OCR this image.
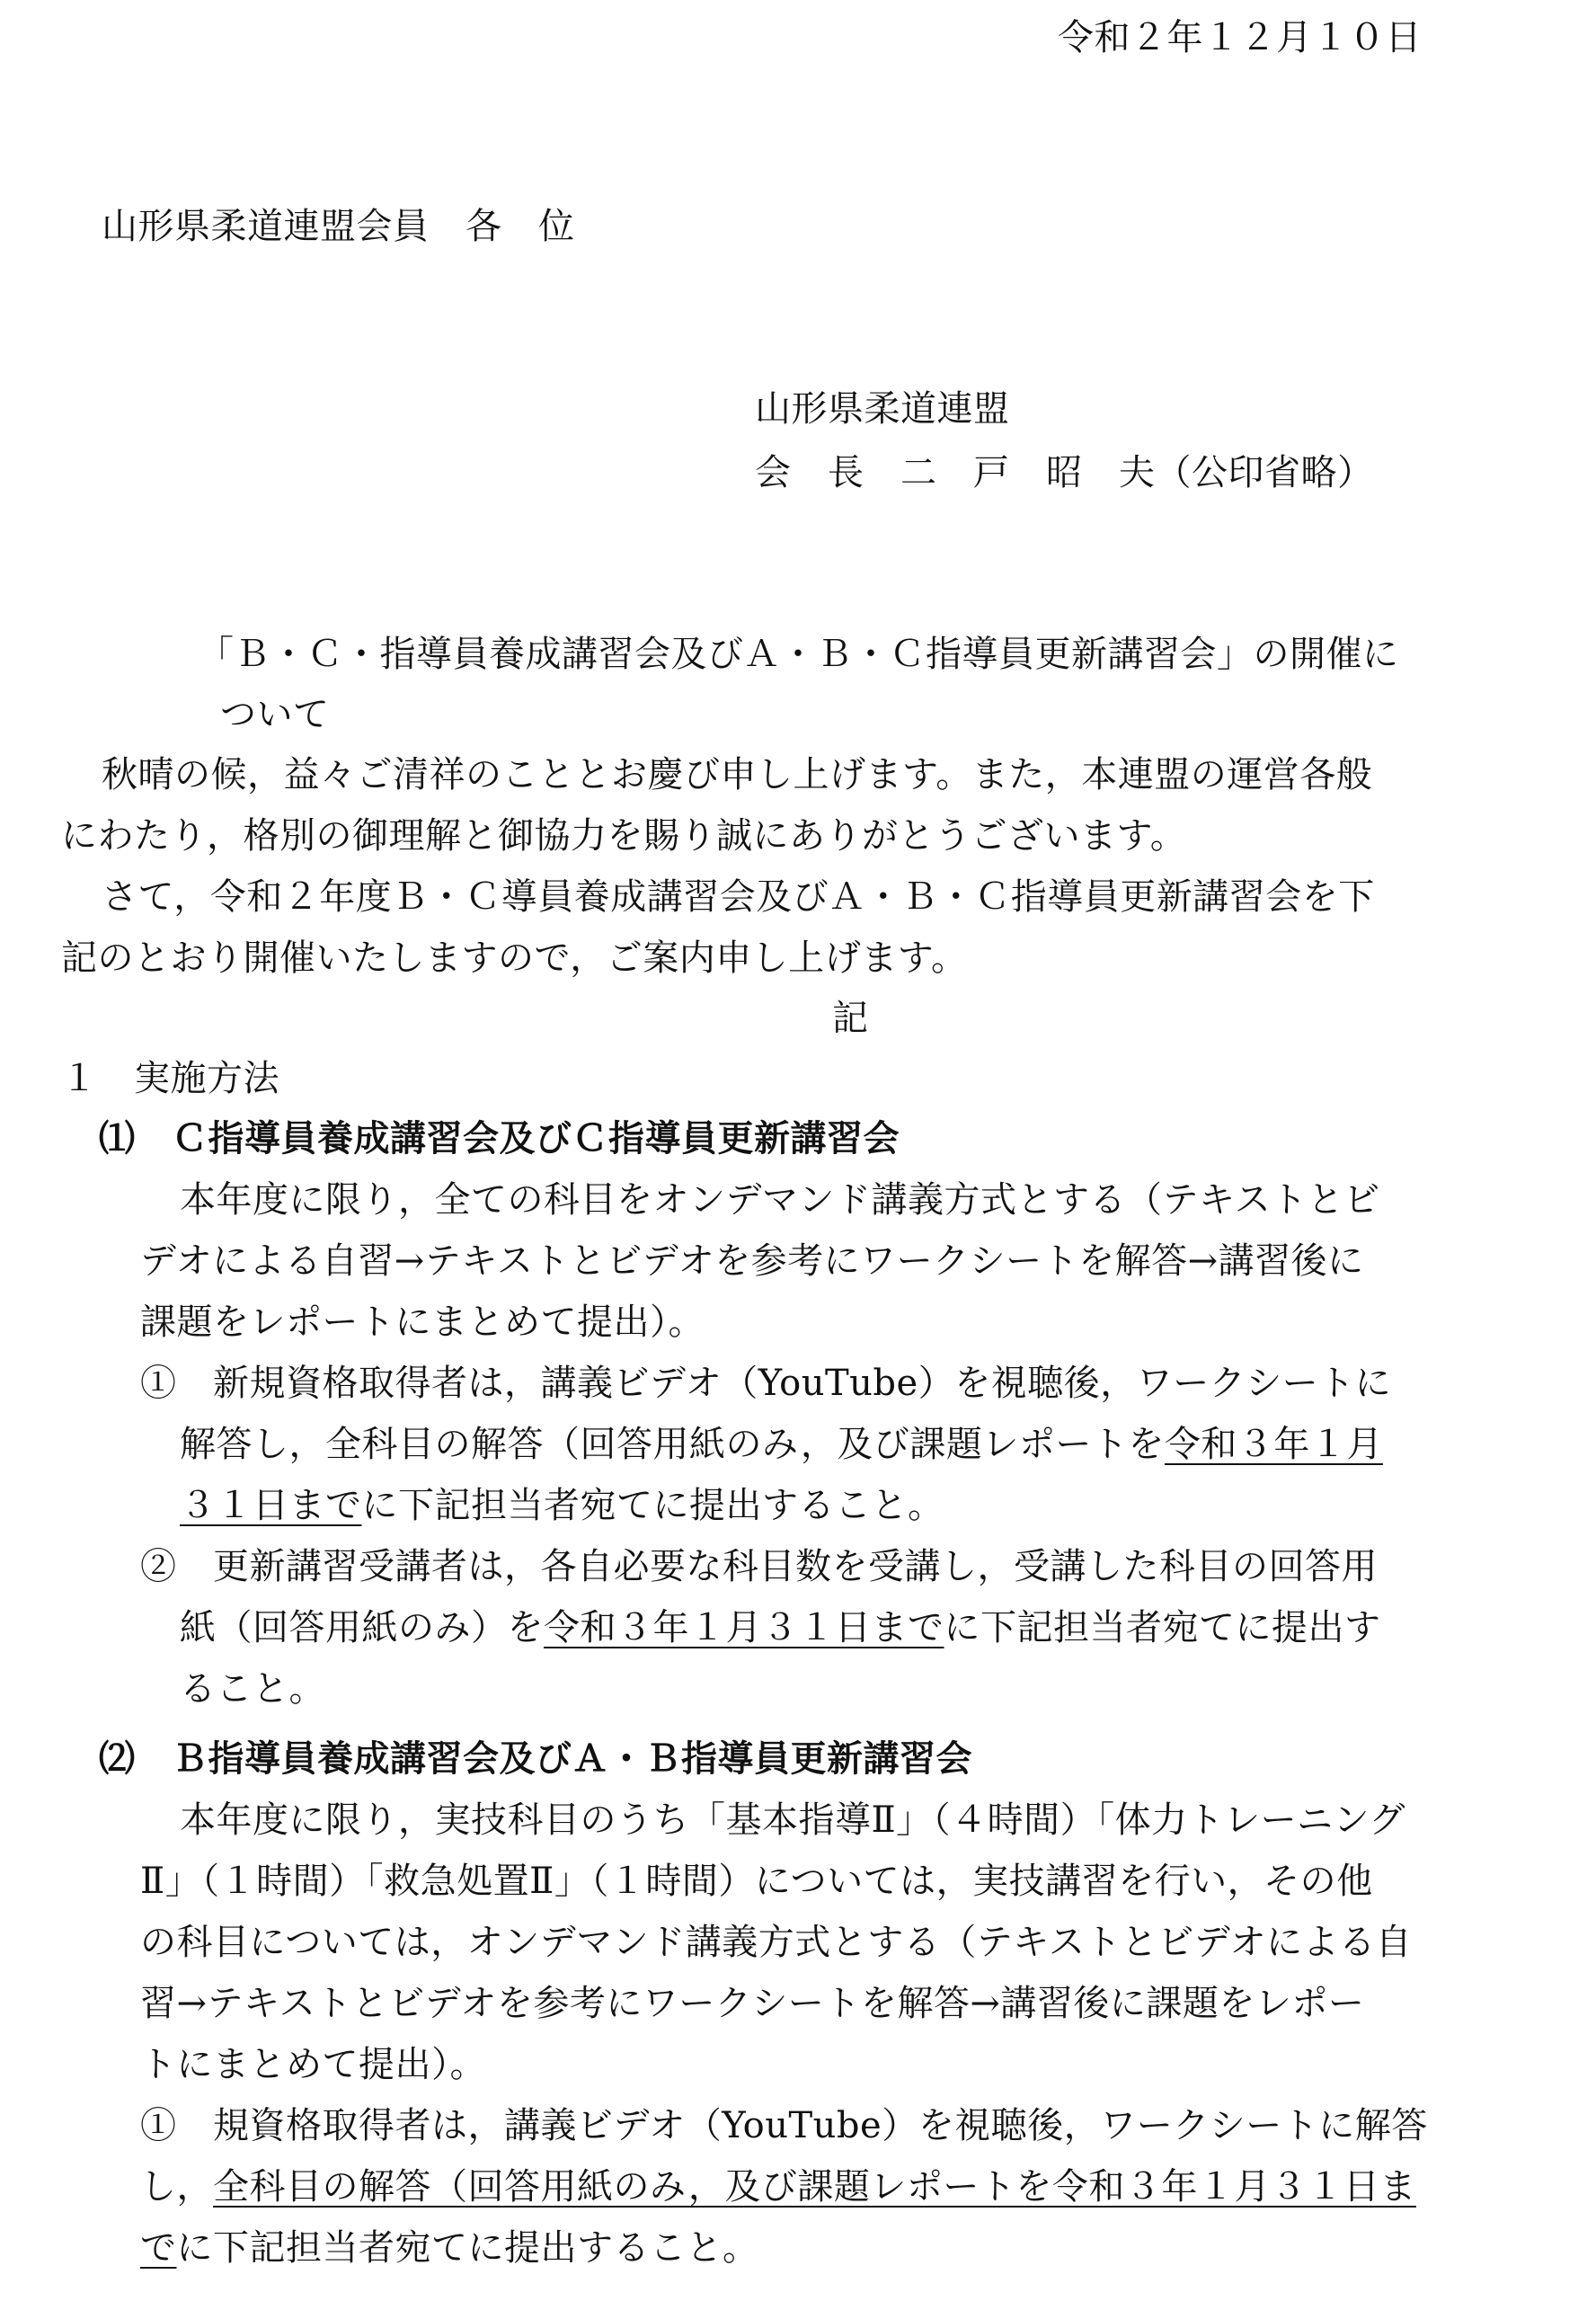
令和２年１２月１０日
山形県柔道連盟会員　各　位
山形県柔道連盟
会　長　二　戸　昭　夫（公印省略）
「Ｂ・Ｃ・指導員養成講習会及びＡ・Ｂ・Ｃ指導員更新講習会」の開催に
ついて
秋晴の候，益々ご清祥のこととお慶び申し上げます。また，本連盟の運営各般
にわたり，格別の御理解と御協力を賜り誠にありがとうございます。
さて，令和２年度Ｂ・Ｃ導員養成講習会及びＡ・Ｂ・Ｃ指導員更新講習会を下
記のとおり開催いたしますので，ご案内申し上げます。
記
１　実施方法
⑴　Ｃ指導員養成講習会及びＣ指導員更新講習会
本年度に限り，全ての科目をオンデマンド講義方式とする（テキストとビ
デオによる自習→テキストとビデオを参考にワークシートを解答→講習後に
課題をレポートにまとめて提出）。
①　新規資格取得者は，講義ビデオ（YouTube）を視聴後，ワークシートに
解答し，全科目の解答（回答用紙のみ，及び課題レポートを令和３年１月
３１日までに下記担当者宛てに提出すること。
②　更新講習受講者は，各自必要な科目数を受講し，受講した科目の回答用
紙（回答用紙のみ）を令和３年１月３１日までに下記担当者宛てに提出す
ること。
⑵　Ｂ指導員養成講習会及びＡ・Ｂ指導員更新講習会
本年度に限り，実技科目のうち「基本指導Ⅱ」（４時間）「体力トレーニング
Ⅱ」（１時間）「救急処置Ⅱ」（１時間）については，実技講習を行い，その他
の科目については，オンデマンド講義方式とする（テキストとビデオによる自
習→テキストとビデオを参考にワークシートを解答→講習後に課題をレポー
トにまとめて提出）。
①　規資格取得者は，講義ビデオ（YouTube）を視聴後，ワークシートに解答
し，全科目の解答（回答用紙のみ，及び課題レポートを令和３年１月３１日ま
でに下記担当者宛てに提出すること。
